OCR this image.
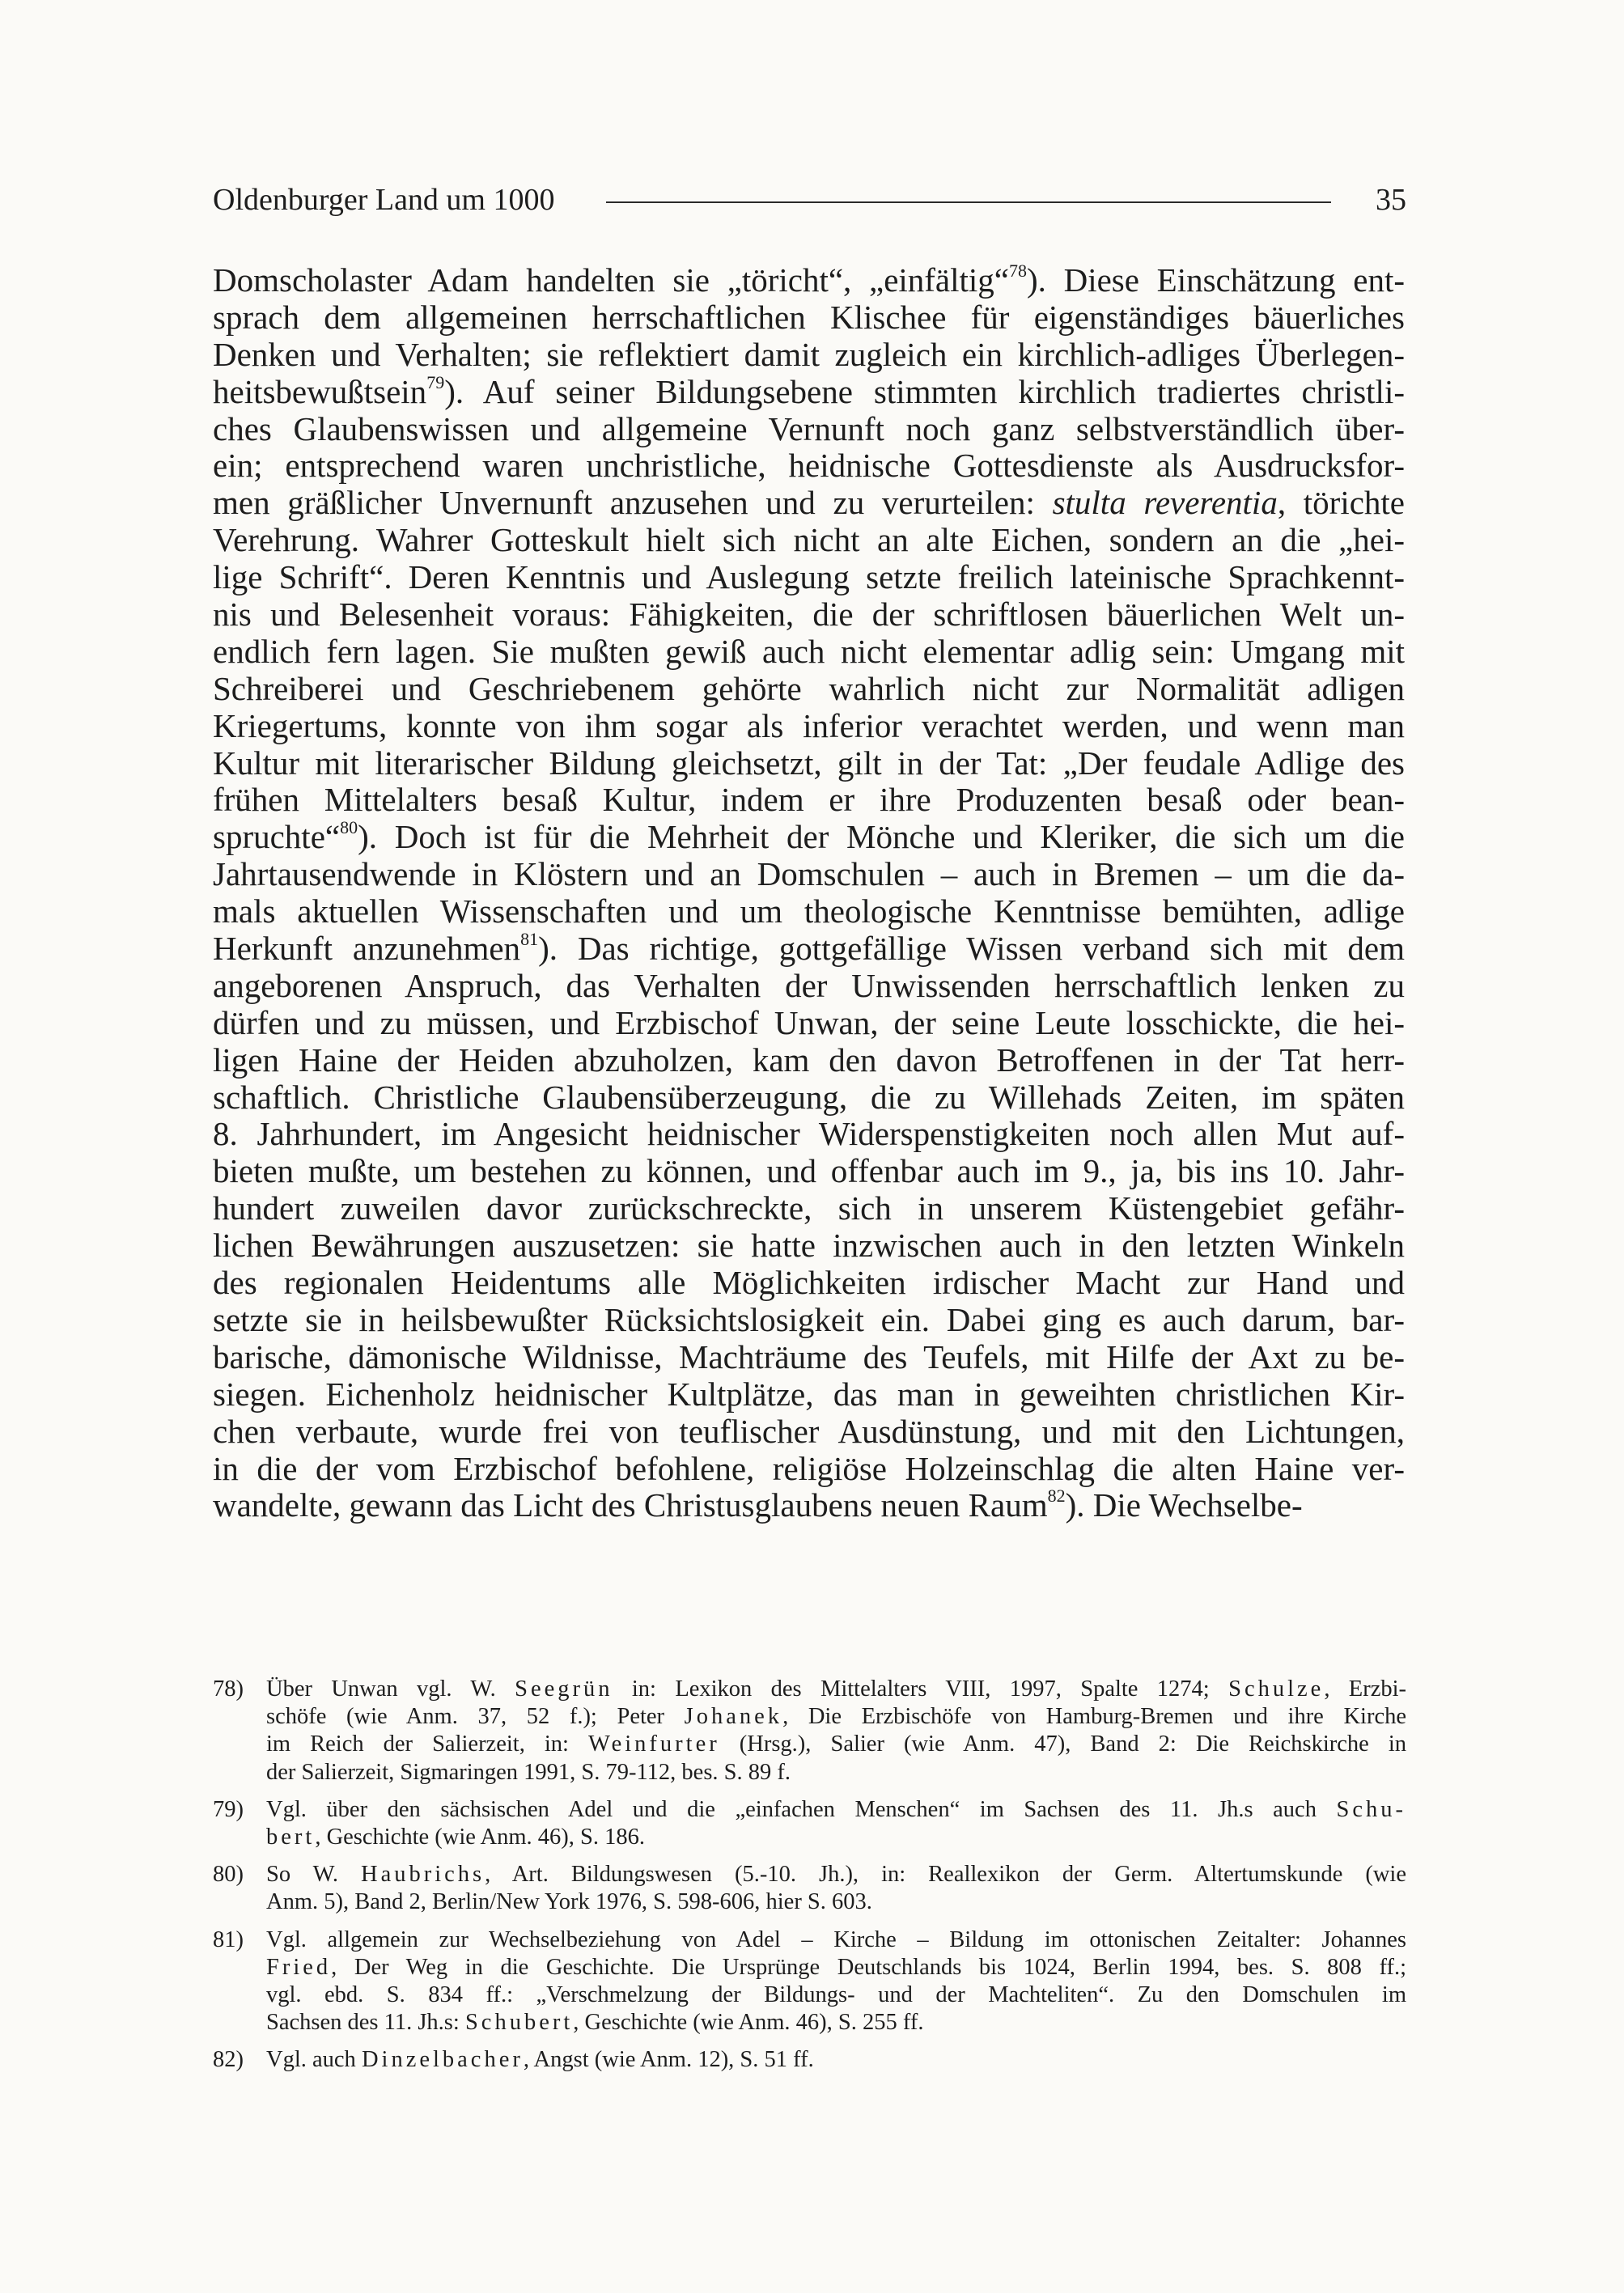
Oldenburger Land um 1000	35
Domscholaster Adam handelten sie „töricht“, „einfältig“$^{78}$). Diese Einschätzung ent-
sprach dem allgemeinen herrschaftlichen Klischee für eigenständiges bäuerliches
Denken und Verhalten; sie reflektiert damit zugleich ein kirchlich-adliges Überlegen-
heitsbewußtsein$^{79}$). Auf seiner Bildungsebene stimmten kirchlich tradiertes christli-
ches Glaubenswissen und allgemeine Vernunft noch ganz selbstverständlich über-
ein; entsprechend waren unchristliche, heidnische Gottesdienste als Ausdrucksfor-
men gräßlicher Unvernunft anzusehen und zu verurteilen: stulta reverentia, törichte
Verehrung. Wahrer Gotteskult hielt sich nicht an alte Eichen, sondern an die „hei-
lige Schrift“. Deren Kenntnis und Auslegung setzte freilich lateinische Sprachkennt-
nis und Belesenheit voraus: Fähigkeiten, die der schriftlosen bäuerlichen Welt un-
endlich fern lagen. Sie mußten gewiß auch nicht elementar adlig sein: Umgang mit
Schreiberei und Geschriebenem gehörte wahrlich nicht zur Normalität adligen
Kriegertums, konnte von ihm sogar als inferior verachtet werden, und wenn man
Kultur mit literarischer Bildung gleichsetzt, gilt in der Tat: „Der feudale Adlige des
frühen Mittelalters besaß Kultur, indem er ihre Produzenten besaß oder bean-
spruchte“$^{80}$). Doch ist für die Mehrheit der Mönche und Kleriker, die sich um die
Jahrtausendwende in Klöstern und an Domschulen – auch in Bremen – um die da-
mals aktuellen Wissenschaften und um theologische Kenntnisse bemühten, adlige
Herkunft anzunehmen$^{81}$). Das richtige, gottgefällige Wissen verband sich mit dem
angeborenen Anspruch, das Verhalten der Unwissenden herrschaftlich lenken zu
dürfen und zu müssen, und Erzbischof Unwan, der seine Leute losschickte, die hei-
ligen Haine der Heiden abzuholzen, kam den davon Betroffenen in der Tat herr-
schaftlich. Christliche Glaubensüberzeugung, die zu Willehads Zeiten, im späten
8. Jahrhundert, im Angesicht heidnischer Widerspenstigkeiten noch allen Mut auf-
bieten mußte, um bestehen zu können, und offenbar auch im 9., ja, bis ins 10. Jahr-
hundert zuweilen davor zurückschreckte, sich in unserem Küstengebiet gefähr-
lichen Bewährungen auszusetzen: sie hatte inzwischen auch in den letzten Winkeln
des regionalen Heidentums alle Möglichkeiten irdischer Macht zur Hand und
setzte sie in heilsbewußter Rücksichtslosigkeit ein. Dabei ging es auch darum, bar-
barische, dämonische Wildnisse, Machträume des Teufels, mit Hilfe der Axt zu be-
siegen. Eichenholz heidnischer Kultplätze, das man in geweihten christlichen Kir-
chen verbaute, wurde frei von teuflischer Ausdünstung, und mit den Lichtungen,
in die der vom Erzbischof befohlene, religiöse Holzeinschlag die alten Haine ver-
wandelte, gewann das Licht des Christusglaubens neuen Raum$^{82}$). Die Wechselbe-
78) Über Unwan vgl. W. Seegrün in: Lexikon des Mittelalters VIII, 1997, Spalte 1274; Schulze, Erzbi-
schöfe (wie Anm. 37, 52 f.); Peter Johanek, Die Erzbischöfe von Hamburg-Bremen und ihre Kirche
im Reich der Salierzeit, in: Weinfurter (Hrsg.), Salier (wie Anm. 47), Band 2: Die Reichskirche in
der Salierzeit, Sigmaringen 1991, S. 79-112, bes. S. 89 f.
79) Vgl. über den sächsischen Adel und die „einfachen Menschen“ im Sachsen des 11. Jh.s auch Schu-
bert, Geschichte (wie Anm. 46), S. 186.
80) So W. Haubrichs, Art. Bildungswesen (5.-10. Jh.), in: Reallexikon der Germ. Altertumskunde (wie
Anm. 5), Band 2, Berlin/New York 1976, S. 598-606, hier S. 603.
81) Vgl. allgemein zur Wechselbeziehung von Adel – Kirche – Bildung im ottonischen Zeitalter: Johannes
Fried, Der Weg in die Geschichte. Die Ursprünge Deutschlands bis 1024, Berlin 1994, bes. S. 808 ff.;
vgl. ebd. S. 834 ff.: „Verschmelzung der Bildungs- und der Machteliten“. Zu den Domschulen im
Sachsen des 11. Jh.s: Schubert, Geschichte (wie Anm. 46), S. 255 ff.
82) Vgl. auch Dinzelbacher, Angst (wie Anm. 12), S. 51 ff.
